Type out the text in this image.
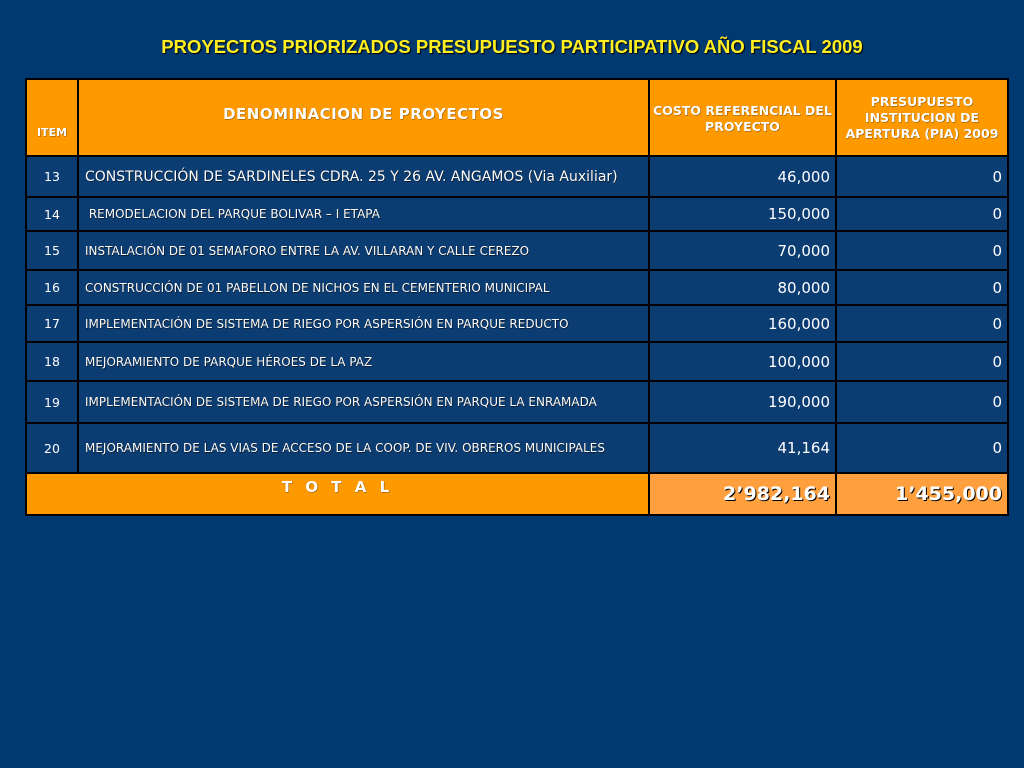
PROYECTOS PRIORIZADOS PRESUPUESTO PARTICIPATIVO AÑO FISCAL 2009
ITEM	DENOMINACION DE PROYECTOS	COSTO REFERENCIAL DEL PROYECTO	PRESUPUESTO INSTITUCION DE APERTURA (PIA) 2009
13	CONSTRUCCIÓN DE SARDINELES CDRA. 25 Y 26 AV. ANGAMOS (Via Auxiliar)	46,000	0
14	REMODELACION DEL PARQUE BOLIVAR – I ETAPA	150,000	0
15	INSTALACIÓN DE 01 SEMAFORO ENTRE LA AV. VILLARAN Y CALLE CEREZO	70,000	0
16	CONSTRUCCIÓN DE 01 PABELLON DE NICHOS EN EL CEMENTERIO MUNICIPAL	80,000	0
17	IMPLEMENTACIÓN DE SISTEMA DE RIEGO POR ASPERSIÓN EN PARQUE REDUCTO	160,000	0
18	MEJORAMIENTO DE PARQUE HÉROES DE LA PAZ	100,000	0
19	IMPLEMENTACIÓN DE SISTEMA DE RIEGO POR ASPERSIÓN EN PARQUE LA ENRAMADA	190,000	0
20	MEJORAMIENTO DE LAS VIAS DE ACCESO DE LA COOP. DE VIV. OBREROS MUNICIPALES	41,164	0
T O T A L		2’982,164	1’455,000
